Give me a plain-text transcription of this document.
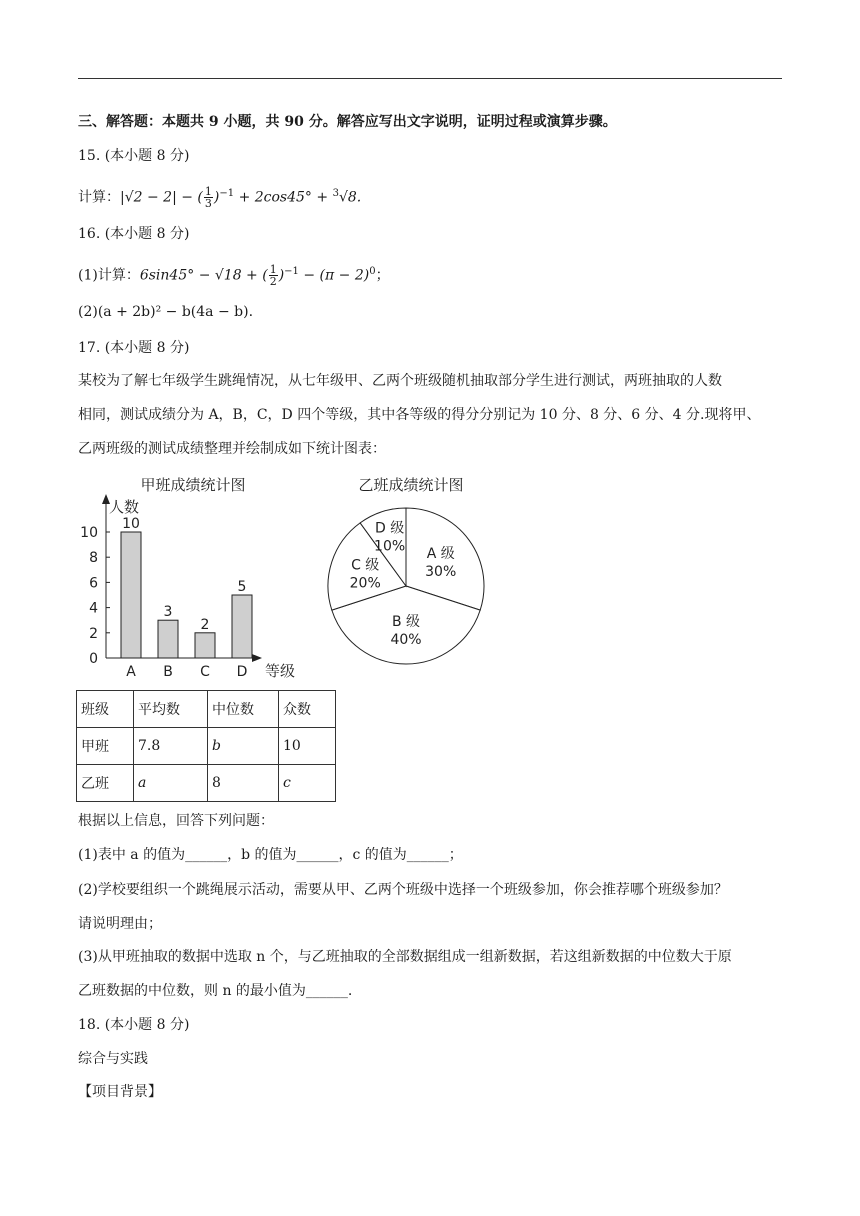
三、解答题：本题共 9 小题，共 90 分。解答应写出文字说明，证明过程或演算步骤。
15. (本小题 8 分)
计算：|√2 − 2| − ( $\frac{1}{3} )^{-1} + 2\cos 45^\circ + ^3√8$.
16. (本小题 8 分)
(1)计算：6sin45° − √18 + ( $\frac{1}{2} )^{-1} - (\pi - 2)^0$；
(2)(a + 2b)² − b(4a − b).
17. (本小题 8 分)
某校为了解七年级学生跳绳情况，从七年级甲、乙两个班级随机抽取部分学生进行测试，两班抽取的人数
相同，测试成绩分为 A，B，C，D 四个等级，其中各等级的得分分别记为 10 分、8 分、6 分、4 分.现将甲、
乙两班级的测试成绩整理并绘制成如下统计图表：
甲班成绩统计图
人数
等级
0
2
4
6
8
10
10
A
3
B
2
C
5
D
乙班成绩统计图
A 级
30%
B 级
40%
C 级
20%
D 级
10%
班级	平均数	中位数	众数
甲班	7.8	b	10
乙班	a	8	c
根据以上信息，回答下列问题：
(1)表中 a 的值为______，b 的值为______，c 的值为______；
(2)学校要组织一个跳绳展示活动，需要从甲、乙两个班级中选择一个班级参加，你会推荐哪个班级参加？
请说明理由；
(3)从甲班抽取的数据中选取 n 个，与乙班抽取的全部数据组成一组新数据，若这组新数据的中位数大于原
乙班数据的中位数，则 n 的最小值为______.
18. (本小题 8 分)
综合与实践
【项目背景】
